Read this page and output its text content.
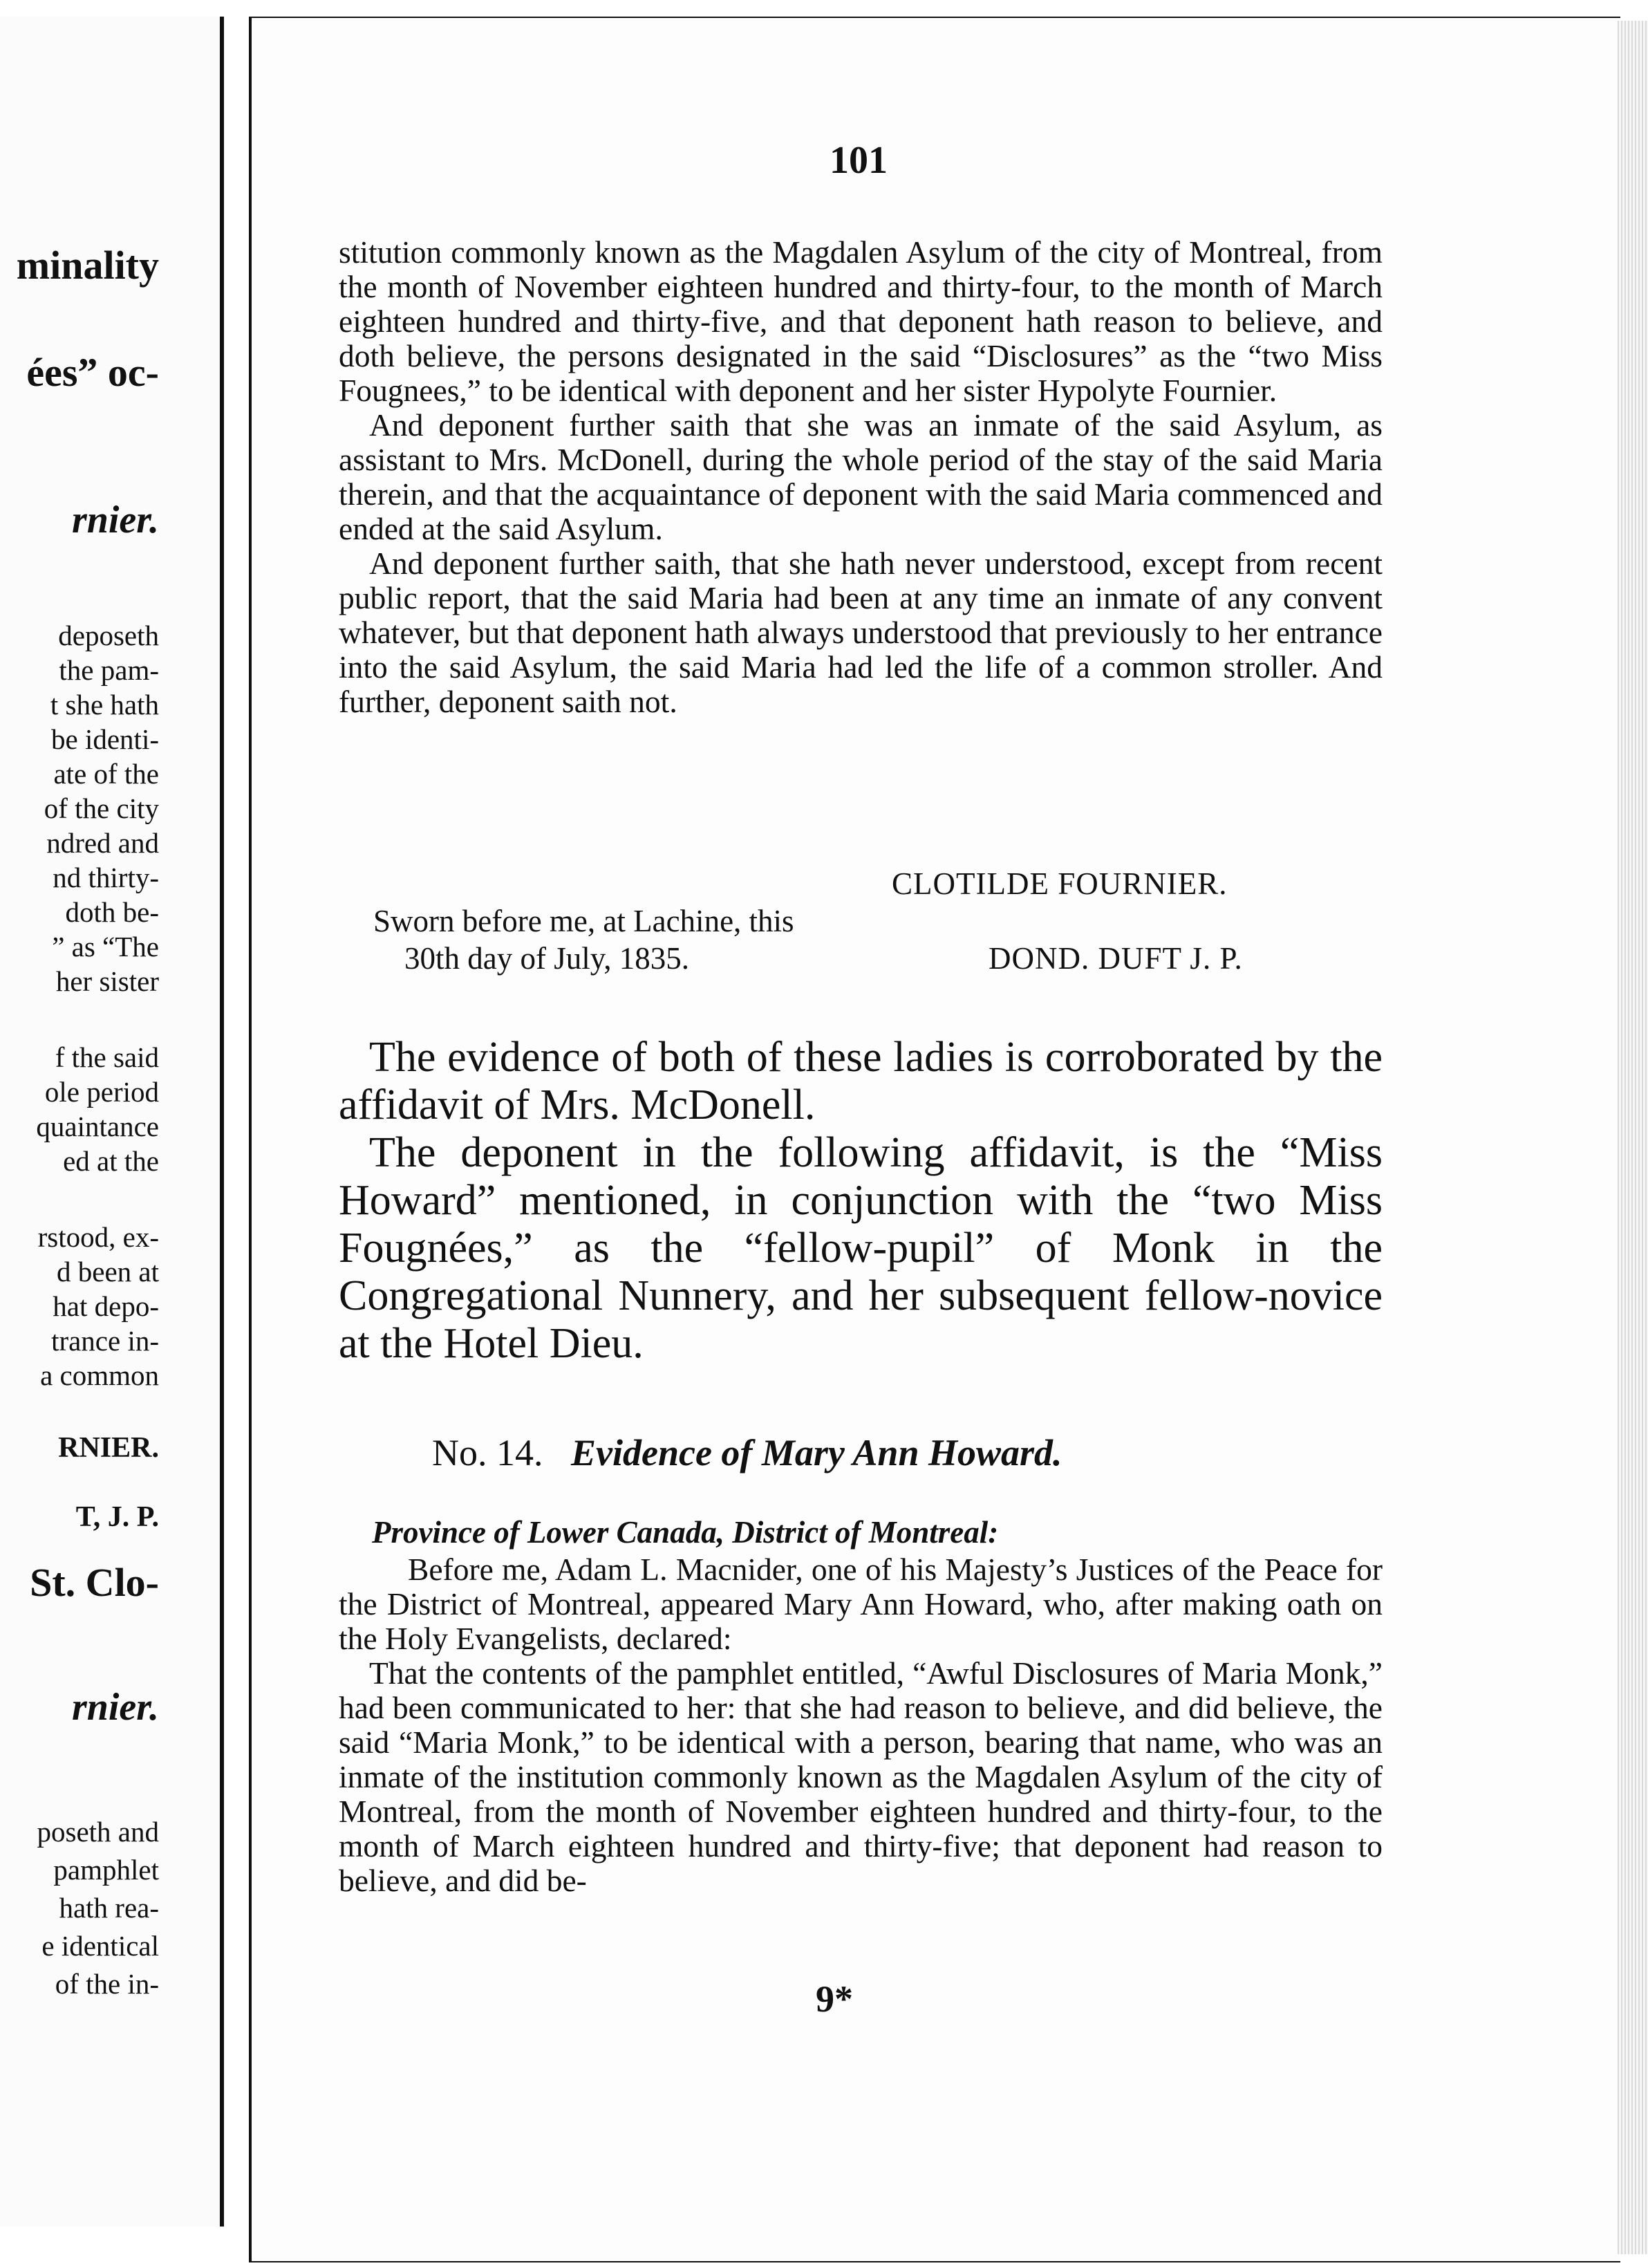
minality
ées” oc-
rnier.
deposeth
the pam-
t she hath
be identi-
ate of the
of the city
ndred and
nd thirty-
doth be-
” as “The
her sister
f the said
ole period
quaintance
ed at the
rstood, ex-
d been at
hat depo-
trance in-
a common
RNIER.
T, J. P.
St. Clo-
rnier.
poseth and
pamphlet
hath rea-
e identical
of the in-
101

stitution commonly known as the Magdalen Asylum of the city of Montreal, from the month of November eighteen hundred and thirty-four, to the month of March eighteen hundred and thirty-five, and that deponent hath reason to believe, and doth believe, the persons designated in the said “Disclosures” as the “two Miss Fougnees,” to be identical with deponent and her sister Hypolyte Fournier.

And deponent further saith that she was an inmate of the said Asylum, as assistant to Mrs. McDonell, during the whole period of the stay of the said Maria therein, and that the acquaintance of deponent with the said Maria commenced and ended at the said Asylum.

And deponent further saith, that she hath never understood, except from recent public report, that the said Maria had been at any time an inmate of any convent whatever, but that deponent hath always understood that previously to her entrance into the said Asylum, the said Maria had led the life of a common stroller. And further, deponent saith not.

CLOTILDE FOURNIER.
Sworn before me, at Lachine, this
30th day of July, 1835.	DOND. DUFT J. P.

The evidence of both of these ladies is corroborated by the affidavit of Mrs. McDonell.

The deponent in the following affidavit, is the “Miss Howard” mentioned, in conjunction with the “two Miss Fougnées,” as the “fellow-pupil” of Monk in the Congregational Nunnery, and her subsequent fellow-novice at the Hotel Dieu.

No. 14. Evidence of Mary Ann Howard.
Province of Lower Canada, District of Montreal:

Before me, Adam L. Macnider, one of his Majesty’s Justices of the Peace for the District of Montreal, appeared Mary Ann Howard, who, after making oath on the Holy Evangelists, declared:

That the contents of the pamphlet entitled, “Awful Disclosures of Maria Monk,” had been communicated to her: that she had reason to believe, and did believe, the said “Maria Monk,” to be identical with a person, bearing that name, who was an inmate of the institution commonly known as the Magdalen Asylum of the city of Montreal, from the month of November eighteen hundred and thirty-four, to the month of March eighteen hundred and thirty-five; that deponent had reason to believe, and did be-

9*
